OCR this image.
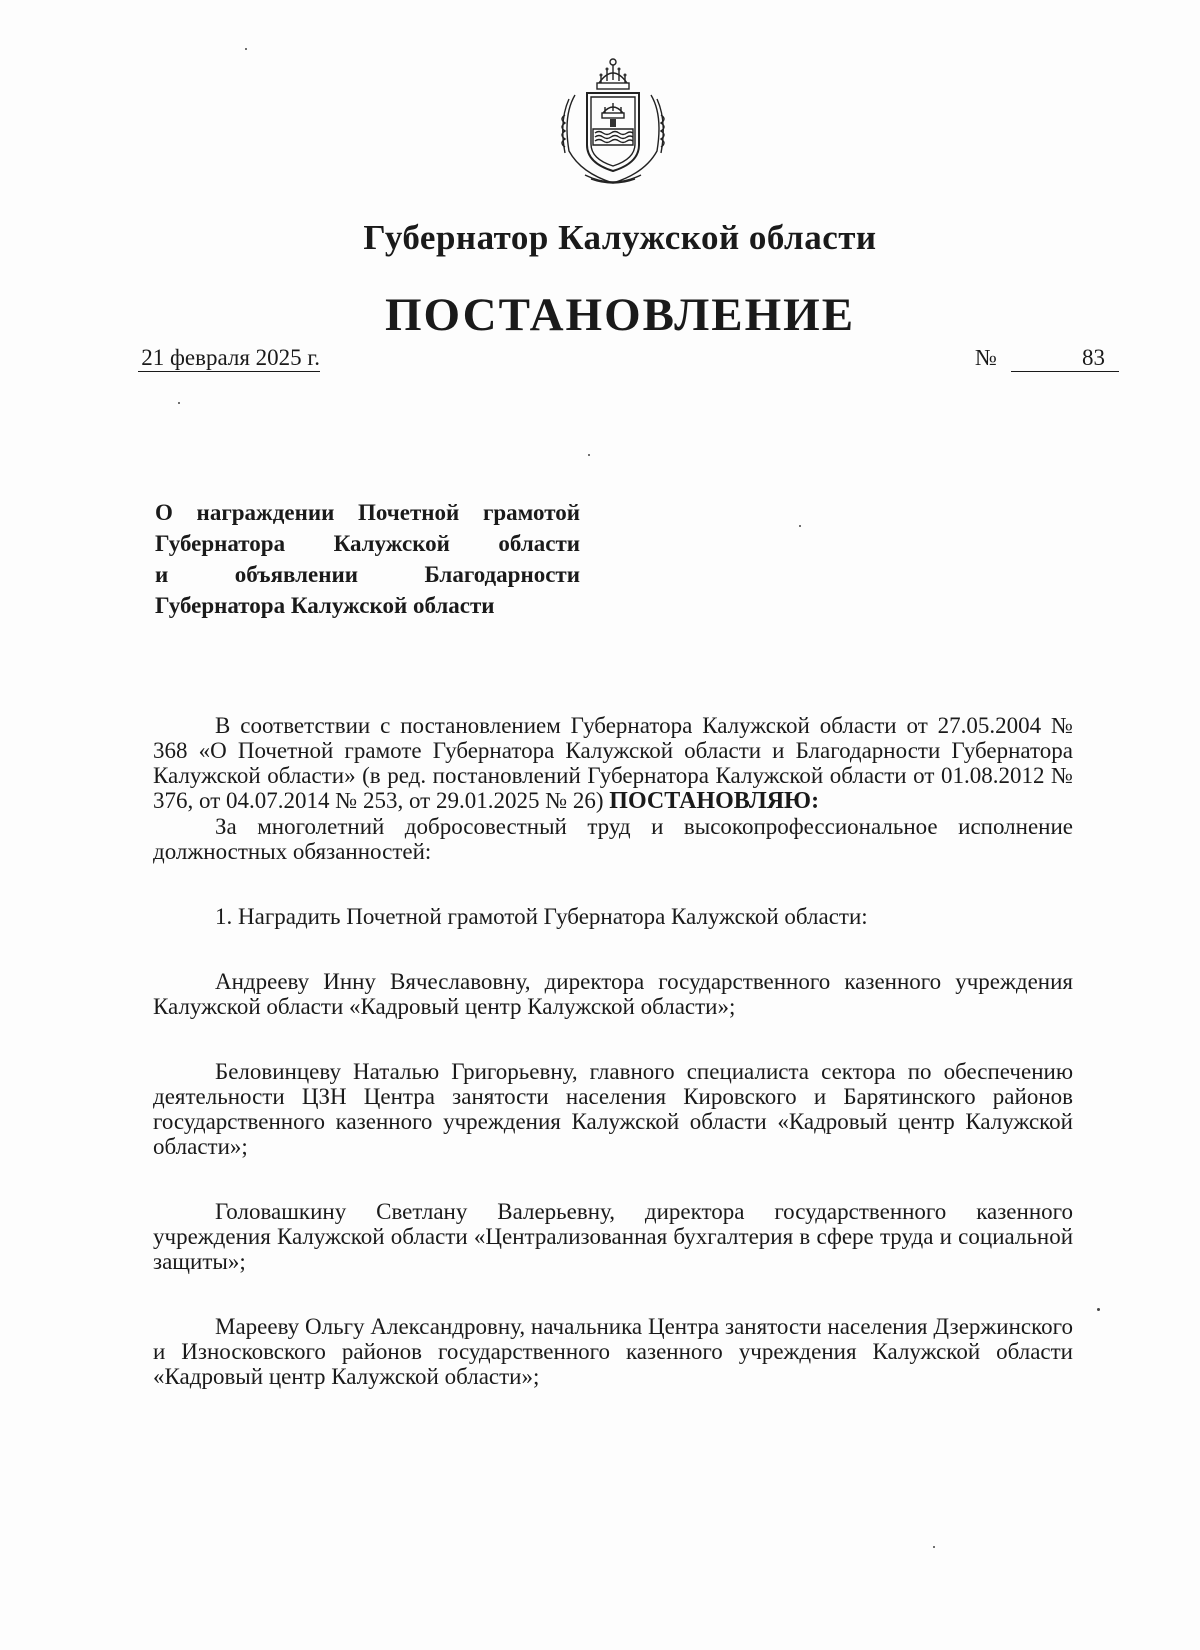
Губернатор Калужской области
ПОСТАНОВЛЕНИЕ
21 февраля 2025 г.	№	83
О награждении Почетной грамотой
Губернатора Калужской области
и объявлении Благодарности
Губернатора Калужской области

В соответствии с постановлением Губернатора Калужской области от 27.05.2004 № 368 «О Почетной грамоте Губернатора Калужской области и Благодарности Губернатора Калужской области» (в ред. постановлений Губернатора Калужской области от 01.08.2012 № 376, от 04.07.2014 № 253, от 29.01.2025 № 26) ПОСТАНОВЛЯЮ:

За многолетний добросовестный труд и высокопрофессиональное исполнение должностных обязанностей:

1. Наградить Почетной грамотой Губернатора Калужской области:

Андрееву Инну Вячеславовну, директора государственного казенного учреждения Калужской области «Кадровый центр Калужской области»;

Беловинцеву Наталью Григорьевну, главного специалиста сектора по обеспечению деятельности ЦЗН Центра занятости населения Кировского и Барятинского районов государственного казенного учреждения Калужской области «Кадровый центр Калужской области»;

Головашкину Светлану Валерьевну, директора государственного казенного учреждения Калужской области «Централизованная бухгалтерия в сфере труда и социальной защиты»;

Марееву Ольгу Александровну, начальника Центра занятости населения Дзержинского и Износковского районов государственного казенного учреждения Калужской области «Кадровый центр Калужской области»;
